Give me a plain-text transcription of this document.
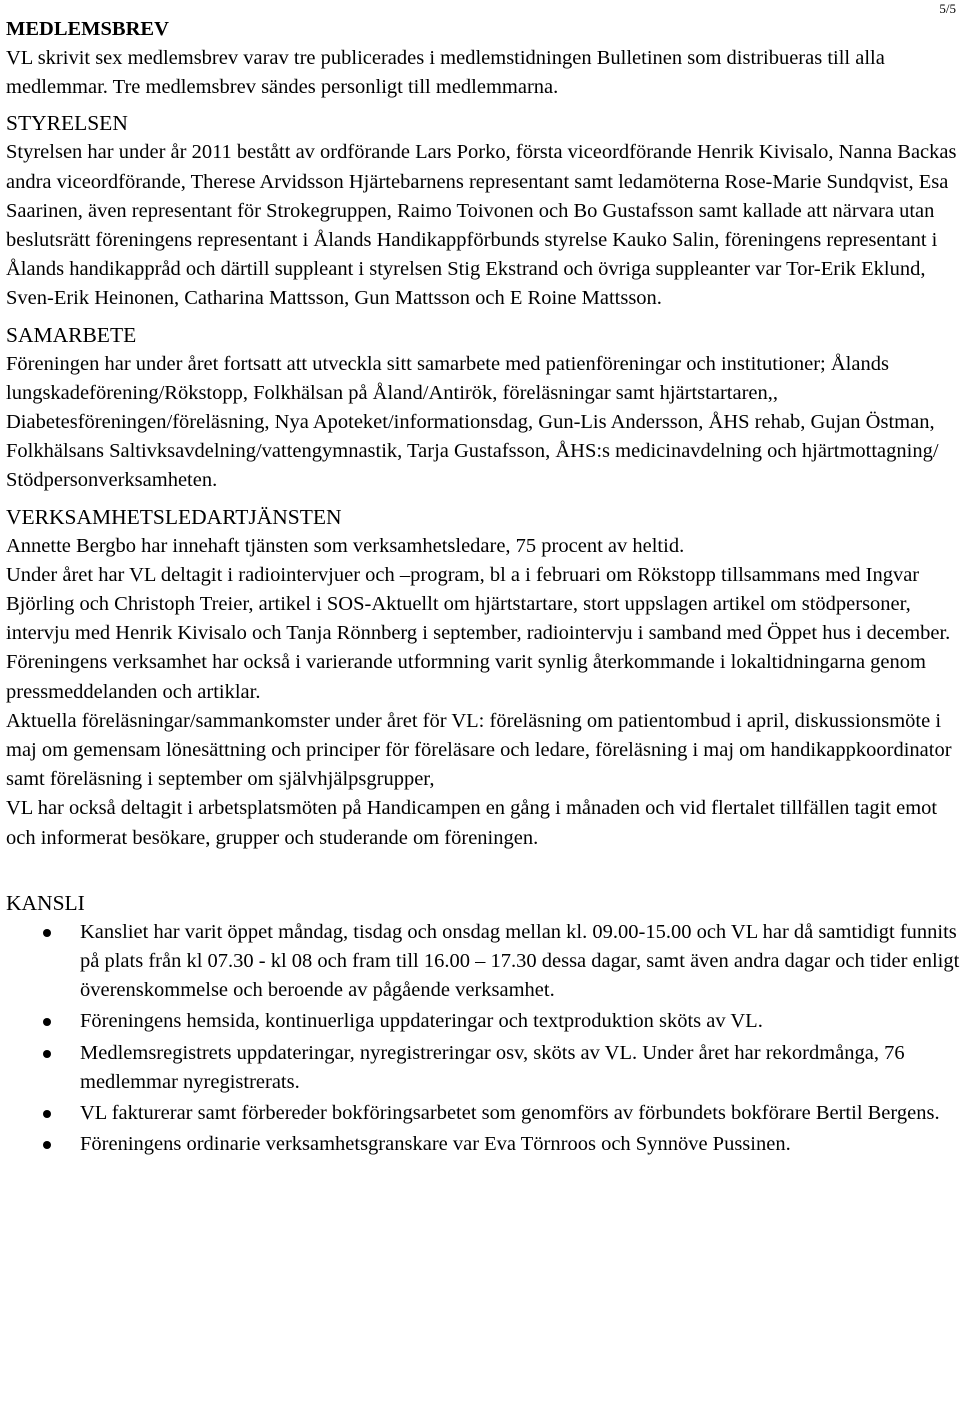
5/5
MEDLEMSBREV

VL skrivit sex medlemsbrev varav tre publicerades i medlemstidningen Bulletinen som distribueras till alla medlemmar. Tre medlemsbrev sändes personligt till medlemmarna.

STYRELSEN

Styrelsen har under år 2011 bestått av ordförande Lars Porko, första viceordförande Henrik Kivisalo, Nanna Backas andra viceordförande, Therese Arvidsson Hjärtebarnens representant samt ledamöterna Rose-Marie Sundqvist, Esa Saarinen, även representant för Strokegruppen, Raimo Toivonen och Bo Gustafsson samt kallade att närvara utan beslutsrätt föreningens representant i Ålands Handikappförbunds styrelse Kauko Salin, föreningens representant i Ålands handikappråd och därtill suppleant i styrelsen Stig Ekstrand och övriga suppleanter var Tor-Erik Eklund, Sven-Erik Heinonen, Catharina Mattsson, Gun Mattsson och E Roine Mattsson.

SAMARBETE

Föreningen har under året fortsatt att utveckla sitt samarbete med patienföreningar och institutioner; Ålands lungskadeförening/Rökstopp, Folkhälsan på Åland/Antirök, föreläsningar samt hjärtstartaren,, Diabetesföreningen/föreläsning, Nya Apoteket/informationsdag, Gun-Lis Andersson, ÅHS rehab, Gujan Östman, Folkhälsans Saltivksavdelning/vattengymnastik, Tarja Gustafsson, ÅHS:s medicinavdelning och hjärtmottagning/ Stödpersonverksamheten.

VERKSAMHETSLEDARTJÄNSTEN

Annette Bergbo har innehaft tjänsten som verksamhetsledare, 75 procent av heltid.

Under året har VL deltagit i radiointervjuer och –program, bl a i februari om Rökstopp tillsammans med Ingvar Björling och Christoph Treier, artikel i SOS-Aktuellt om hjärtstartare, stort uppslagen artikel om stödpersoner, intervju med Henrik Kivisalo och Tanja Rönnberg i september, radiointervju i samband med Öppet hus i december.

Föreningens verksamhet har också i varierande utformning varit synlig återkommande i lokaltidningarna genom pressmeddelanden och artiklar.

Aktuella föreläsningar/sammankomster under året för VL: föreläsning om patientombud i april, diskussionsmöte i maj om gemensam lönesättning och principer för föreläsare och ledare, föreläsning i maj om handikappkoordinator samt föreläsning i september om självhjälpsgrupper,

VL har också deltagit i arbetsplatsmöten på Handicampen en gång i månaden och vid flertalet tillfällen tagit emot och informerat besökare, grupper och studerande om föreningen.

KANSLI
Kansliet har varit öppet måndag, tisdag och onsdag mellan kl. 09.00-15.00 och VL har då samtidigt funnits på plats från kl 07.30 - kl 08 och fram till 16.00 – 17.30 dessa dagar, samt även andra dagar och tider enligt överenskommelse och beroende av pågående verksamhet.
Föreningens hemsida, kontinuerliga uppdateringar och textproduktion sköts av VL.
Medlemsregistrets uppdateringar, nyregistreringar osv, sköts av VL. Under året har rekordmånga, 76 medlemmar nyregistrerats.
VL fakturerar samt förbereder bokföringsarbetet som genomförs av förbundets bokförare Bertil Bergens.
Föreningens ordinarie verksamhetsgranskare var Eva Törnroos och Synnöve Pussinen.
